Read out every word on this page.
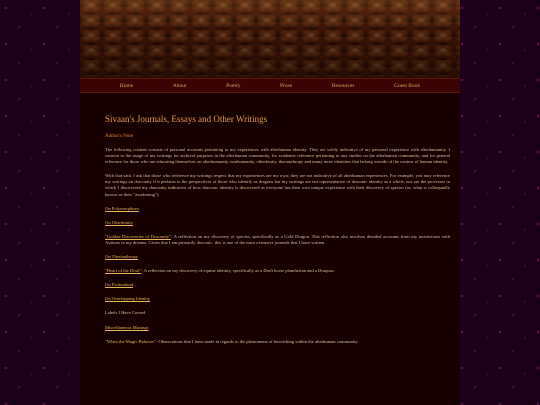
Home	About	Poetry	Prose	Resources	Guest Book
Sivaan's Journals, Essays and Other Writings
Author's Note
The following content consists of personal accounts pertaining to my experiences with alterhuman identity. They are solely indicative of my personal experience with alterhumanity. I consent to the usage of my writings for archival purposes in the alterhuman community, for academic reference pertaining to any studies on the alterhuman community, and for general reference for those who are educating themselves on alterhumanity, nonhumanity, otherkinity, therianthropy and many more identities that belong outside of the context of human identity.
With that said, I ask that those who reference my writings respect that my experiences are my own; they are not indicative of all alterhuman experiences. For example, you may reference my writings on draconity if it pertains to the perspectives of those who identify as dragons but my writings are not representative of draconic identity as a whole, nor are the processes in which I discovered my draconity indicative of how draconic identity is discovered as everyone has their own unique experience with their discovery of species (or, what is colloquially known as their "awakening").
On Polymorphism
On Otherkinity
"Golden Discoveries of Draconity": A reflection on my discovery of species, specifically as a Gold Dragon. This reflection also involves detailed accounts from my interactions with Aurinax in my dreams. Given that I am primarily draconic, this is one of the most extensive journals that I have written.
On Therianthropy
"Heart of the Draft": A reflection on my discovery of equine identity, specifically as a Draft horse plantherian and a Draquus.
On Fictionkind
On Overlapping Identity
Labels I Have Coined
Miscellaneous Musings
"When the Magic Behaves": Observations that I have made in regards to the phenomena of bewitching within the alterhuman community
